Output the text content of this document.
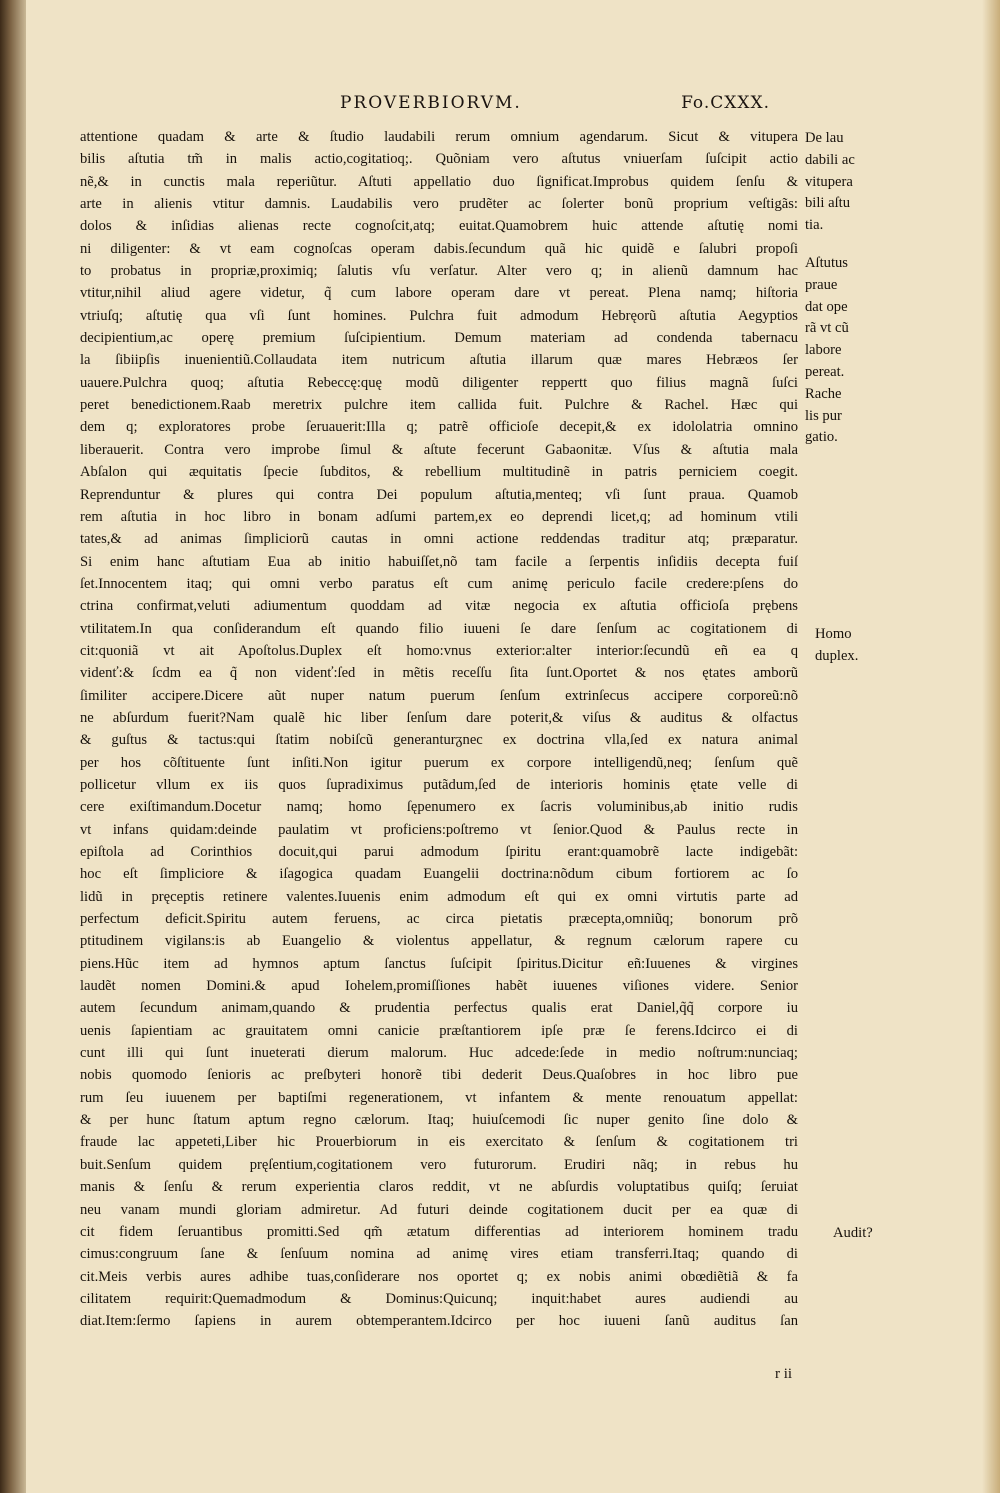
PROVERBIORVM.	Fo.CXXX.
attentione quadam & arte & ſtudio laudabili rerum omnium agendarum. Sicut & vitupera
bilis aſtutia tm̃ in malis actio,cogitatioq;. Quõniam vero aſtutus vniuerſam ſuſcipit actio
nẽ,& in cunctis mala reperiũtur. Aſtuti appellatio duo ſignificat.Improbus quidem ſenſu &
arte in alienis vtitur damnis. Laudabilis vero prudẽter ac ſolerter bonũ proprium veſtigãs:
dolos & inſidias alienas recte cognoſcit,atq; euitat.Quamobrem huic attende aſtutię nomi
ni diligenter: & vt eam cognoſcas operam dabis.ſecundum quã hic quidẽ e ſalubri propoſi
to probatus in propriæ,proximiq; ſalutis vſu verſatur. Alter vero q; in alienũ damnum hac
vtitur,nihil aliud agere videtur, q̃ cum labore operam dare vt pereat. Plena namq; hiſtoria
vtriuſq; aſtutię qua vſi ſunt homines. Pulchra fuit admodum Hebręorũ aſtutia Aegyptios
decipientium,ac operę premium ſuſcipientium. Demum materiam ad condenda tabernacu
la ſibiipſis inuenientiũ.Collaudata item nutricum aſtutia illarum quæ mares Hebræos ſer
uauere.Pulchra quoq; aſtutia Rebeccę:quę modũ diligenter reppertt quo filius magnã ſuſci
peret benedictionem.Raab meretrix pulchre item callida fuit. Pulchre & Rachel. Hæc qui
dem q; exploratores probe ſeruauerit:Illa q; patrẽ officioſe decepit,& ex idololatria omnino
liberauerit. Contra vero improbe ſimul & aſtute fecerunt Gabaonitæ. Vſus & aſtutia mala
Abſalon qui æquitatis ſpecie ſubditos, & rebellium multitudinẽ in patris perniciem coegit.
Reprenduntur & plures qui contra Dei populum aſtutia,menteq; vſi ſunt praua. Quamob
rem aſtutia in hoc libro in bonam adſumi partem,ex eo deprendi licet,q; ad hominum vtili
tates,& ad animas ſimpliciorũ cautas in omni actione reddendas traditur atq; præparatur.
Si enim hanc aſtutiam Eua ab initio habuiſſet,nõ tam facile a ſerpentis inſidiis decepta fuiſ
ſet.Innocentem itaq; qui omni verbo paratus eſt cum animę periculo facile credere:pſens do
ctrina confirmat,veluti adiumentum quoddam ad vitæ negocia ex aſtutia officioſa prębens
vtilitatem.In qua conſiderandum eſt quando filio iuueni ſe dare ſenſum ac cogitationem di
cit:quoniã vt ait Apoſtolus.Duplex eſt homo:vnus exterior:alter interior:ſecundũ eñ ea q
videnť:& ſcdm ea q̃ non videnť:ſed in mẽtis receſſu ſita ſunt.Oportet & nos ętates amborũ
ſimiliter accipere.Dicere aũt nuper natum puerum ſenſum extrinſecus accipere corporeũ:nõ
ne abſurdum fuerit?Nam qualẽ hic liber ſenſum dare poterit,& viſus & auditus & olfactus
& guſtus & tactus:qui ſtatim nobiſcũ generanturᵹnec ex doctrina vlla,ſed ex natura animal
per hos cõſtituente ſunt inſiti.Non igitur puerum ex corpore intelligendũ,neq; ſenſum quẽ
pollicetur vllum ex iis quos ſupradiximus putãdum,ſed de interioris hominis ętate velle di
cere exiſtimandum.Docetur namq; homo ſępenumero ex ſacris voluminibus,ab initio rudis
vt infans quidam:deinde paulatim vt proficiens:poſtremo vt ſenior.Quod & Paulus recte in
epiſtola ad Corinthios docuit,qui parui admodum ſpiritu erant:quamobrẽ lacte indigebãt:
hoc eſt ſimpliciore & iſagogica quadam Euangelii doctrina:nõdum cibum fortiorem ac ſo
lidũ in pręceptis retinere valentes.Iuuenis enim admodum eſt qui ex omni virtutis parte ad
perfectum deficit.Spiritu autem feruens, ac circa pietatis præcepta,omniũq; bonorum prõ
ptitudinem vigilans:is ab Euangelio & violentus appellatur, & regnum cælorum rapere cu
piens.Hũc item ad hymnos aptum ſanctus ſuſcipit ſpiritus.Dicitur eñ:Iuuenes & virgines
laudẽt nomen Domini.& apud Iohelem,promiſſiones habẽt iuuenes viſiones videre. Senior
autem ſecundum animam,quando & prudentia perfectus qualis erat Daniel,q̃q̃ corpore iu
uenis ſapientiam ac grauitatem omni canicie præſtantiorem ipſe præ ſe ferens.Idcirco ei di
cunt illi qui ſunt inueterati dierum malorum. Huc adcede:ſede in medio noſtrum:nunciaq;
nobis quomodo ſenioris ac preſbyteri honorẽ tibi dederit Deus.Quaſobres in hoc libro pue
rum ſeu iuuenem per baptiſmi regenerationem, vt infantem & mente renouatum appellat:
& per hunc ſtatum aptum regno cælorum. Itaq; huiuſcemodi ſic nuper genito ſine dolo &
fraude lac appeteti,Liber hic Prouerbiorum in eis exercitato & ſenſum & cogitationem tri
buit.Senſum quidem pręſentium,cogitationem vero futurorum. Erudiri nãq; in rebus hu
manis & ſenſu & rerum experientia claros reddit, vt ne abſurdis voluptatibus quiſq; ſeruiat
neu vanam mundi gloriam admiretur. Ad futuri deinde cogitationem ducit per ea quæ di
cit fidem ſeruantibus promitti.Sed qm̃ ætatum differentias ad interiorem hominem tradu
cimus:congruum ſane & ſenſuum nomina ad animę vires etiam transferri.Itaq; quando di
cit.Meis verbis aures adhibe tuas,conſiderare nos oportet q; ex nobis animi obœdiẽtiã & fa
cilitatem requirit:Quemadmodum & Dominus:Quicunq; inquit:habet aures audiendi au
diat.Item:ſermo ſapiens in aurem obtemperantem.Idcirco per hoc iuueni ſanũ auditus ſan
De lau
dabili ac
vitupera
bili aſtu
tia.
Aſtutus
praue
dat ope
rã vt cũ
labore
pereat.
Rache
lis pur
gatio.
Homo
duplex.
Audit?
r ii
